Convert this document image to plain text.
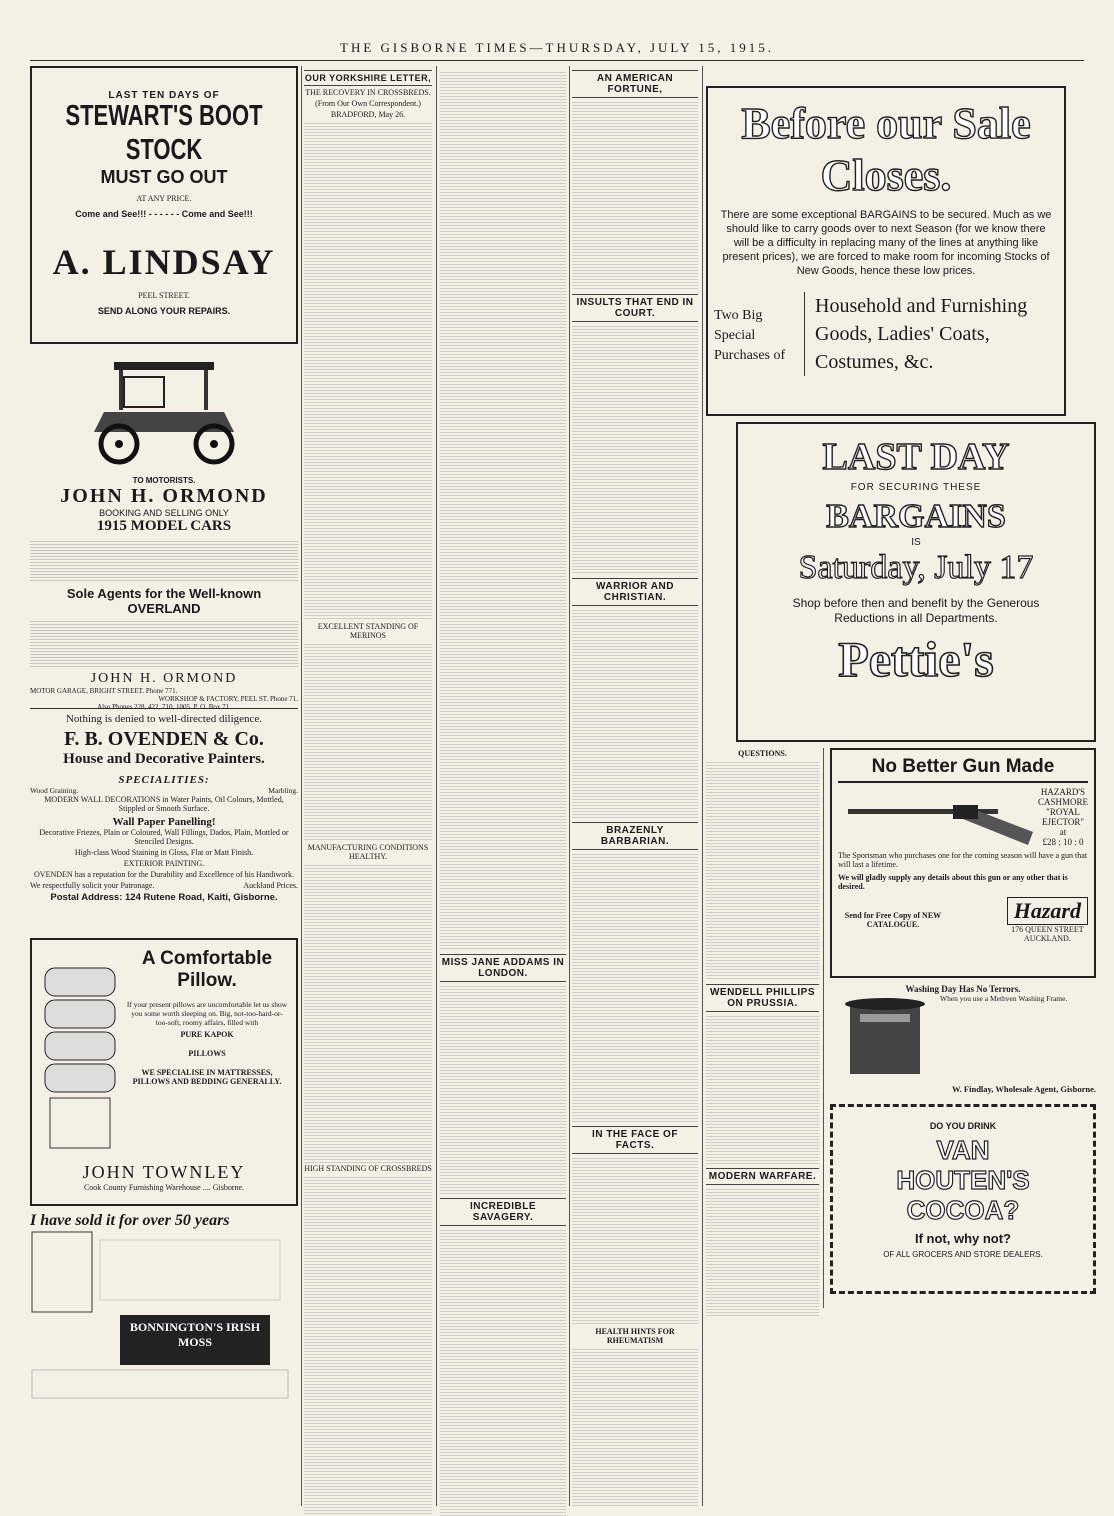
THE GISBORNE TIMES—THURSDAY, JULY 15, 1915.
LAST TEN DAYS OF
STEWART'S BOOT STOCK
MUST GO OUT
AT ANY PRICE.
Come and See!!! - - - - - - Come and See!!!
A. LINDSAY
PEEL STREET.
SEND ALONG YOUR REPAIRS.
TO MOTORISTS.
JOHN H. ORMOND
BOOKING AND SELLING ONLY
1915 MODEL CARS
Sole Agents for the Well-known OVERLAND
JOHN H. ORMOND
MOTOR GARAGE, BRIGHT STREET. Phone 771.
WORKSHOP & FACTORY, PEEL ST. Phone 71.
Also Phones 228, 422, 710, 1005. P. O. Box 71.
Nothing is denied to well-directed diligence.
F. B. OVENDEN & Co.
House and Decorative Painters.
SPECIALITIES:
Wood Graining.	Marbling.
MODERN WALL DECORATIONS in Water Paints, Oil Colours, Mottled, Stippled or Smooth Surface.
Wall Paper Panelling!
Decorative Friezes, Plain or Coloured, Wall Fillings, Dados, Plain, Mottled or Stenciled Designs.
High-class Wood Staining in Gloss, Flat or Matt Finish.
EXTERIOR PAINTING.
OVENDEN has a reputation for the Durability and Excellence of his Handiwork.
We respectfully solicit your Patronage.	Auckland Prices.
Postal Address: 124 Rutene Road, Kaiti, Gisborne.
A Comfortable Pillow.
If your present pillows are uncomfortable let us show you some worth sleeping on. Big, not-too-hard-or-too-soft, roomy affairs, filled with
PURE KAPOK
PILLOWS
WE SPECIALISE IN MATTRESSES, PILLOWS AND BEDDING GENERALLY.
JOHN TOWNLEY
Cook County Furnishing Warehouse .... Gisborne.
I have sold it for over 50 years
BONNINGTON'S IRISH MOSS
OUR YORKSHIRE LETTER,
THE RECOVERY IN CROSSBREDS.
(From Our Own Correspondent.)
BRADFORD, May 26.
EXCELLENT STANDING OF MERINOS
MANUFACTURING CONDITIONS HEALTHY.
HIGH STANDING OF CROSSBREDS
MISS JANE ADDAMS IN LONDON.
INCREDIBLE SAVAGERY.
AN AMERICAN FORTUNE,
INSULTS THAT END IN COURT.
WARRIOR AND CHRISTIAN.
BRAZENLY BARBARIAN.
IN THE FACE OF FACTS.
HEALTH HINTS FOR RHEUMATISM
Before our Sale Closes.
There are some exceptional BARGAINS to be secured. Much as we should like to carry goods over to next Season (for we know there will be a difficulty in replacing many of the lines at anything like present prices), we are forced to make room for incoming Stocks of New Goods, hence these low prices.
Two Big Special Purchases of
Household and Furnishing Goods, Ladies' Coats, Costumes, &c.
LAST DAY
FOR SECURING THESE
BARGAINS
IS
Saturday, July 17
Shop before then and benefit by the Generous Reductions in all Departments.
Pettie's
QUESTIONS.
WENDELL PHILLIPS ON PRUSSIA.
MODERN WARFARE.
No Better Gun Made
HAZARD'S
CASHMORE
"ROYAL EJECTOR"
at
£28 : 10 : 0
The Sportsman who purchases one for the coming season will have a gun that will last a lifetime.
We will gladly supply any details about this gun or any other that is desired.
Send for Free Copy of NEW CATALOGUE.
Hazard
176 QUEEN STREET
AUCKLAND.
Washing Day Has No Terrors.
When you use a Methven Washing Frame.
W. Findlay, Wholesale Agent, Gisborne.
DO YOU DRINK
VAN
HOUTEN'S
COCOA?
If not, why not?
OF ALL GROCERS AND STORE DEALERS.
